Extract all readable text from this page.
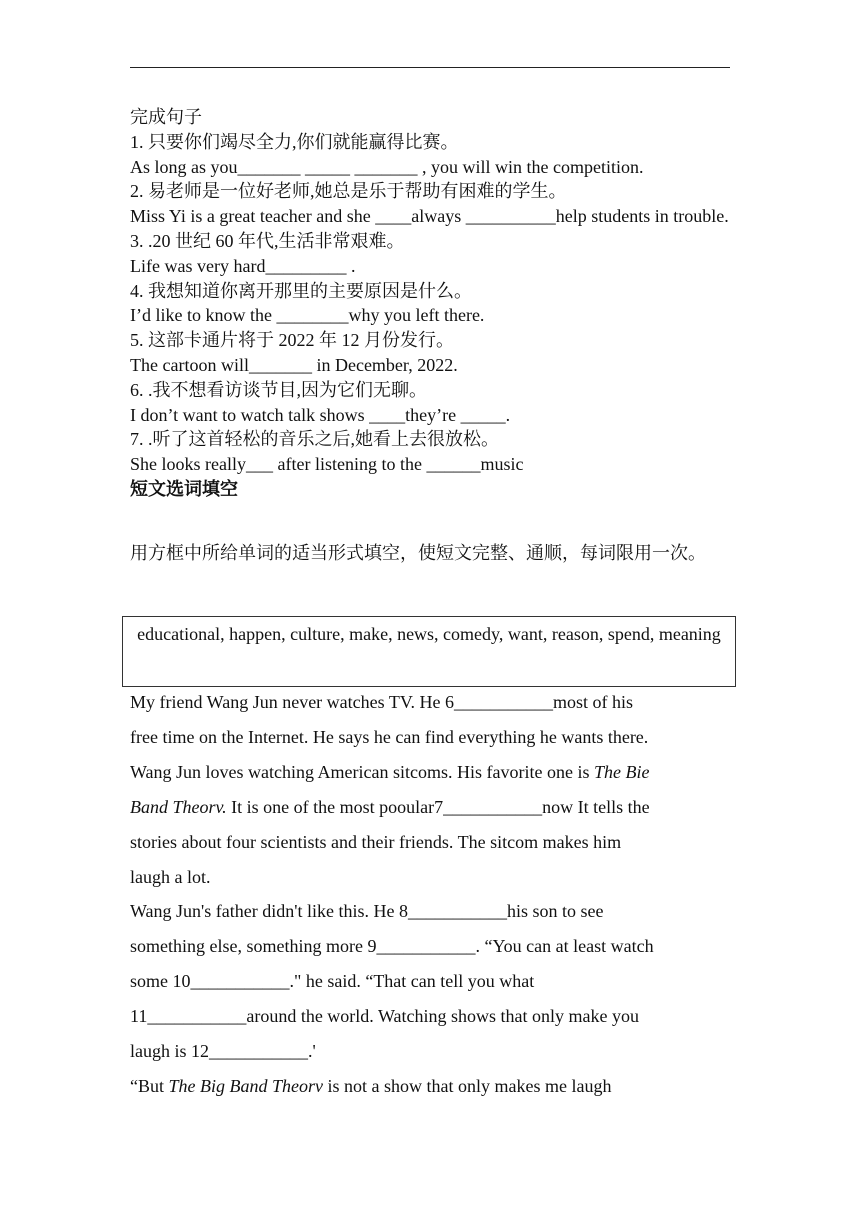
完成句子

1. 只要你们竭尽全力,你们就能赢得比赛。

As long as you_______ _____ _______ , you will win the competition.

2. 易老师是一位好老师,她总是乐于帮助有困难的学生。

Miss Yi is a great teacher and she ____always __________help students in trouble.

3. .20 世纪 60 年代,生活非常艰难。

Life was very hard_________ .

4. 我想知道你离开那里的主要原因是什么。

I’d like to know the ________why you left there.

5. 这部卡通片将于 2022 年 12 月份发行。

The cartoon will_______ in December, 2022.

6. .我不想看访谈节目,因为它们无聊。

I don’t want to watch talk shows ____they’re _____.

7. .听了这首轻松的音乐之后,她看上去很放松。

She looks really___ after listening to the ______music

短文选词填空

用方框中所给单词的适当形式填空，使短文完整、通顺，每词限用一次。
educational, happen, culture, make, news, comedy, want, reason, spend, meaning

My friend Wang Jun never watches TV. He 6___________most of his

free time on the Internet. He says he can find everything he wants there.

Wang Jun loves watching American sitcoms. His favorite one is The Bie

Band Theorv. It is one of the most pooular7___________now It tells the

stories about four scientists and their friends. The sitcom makes him

laugh a lot.

Wang Jun's father didn't like this. He 8___________his son to see

something else, something more 9___________. “You can at least watch

some 10___________." he said. “That can tell you what

11___________around the world. Watching shows that only make you

laugh is 12___________.'

“But The Big Band Theorv is not a show that only makes me laugh
